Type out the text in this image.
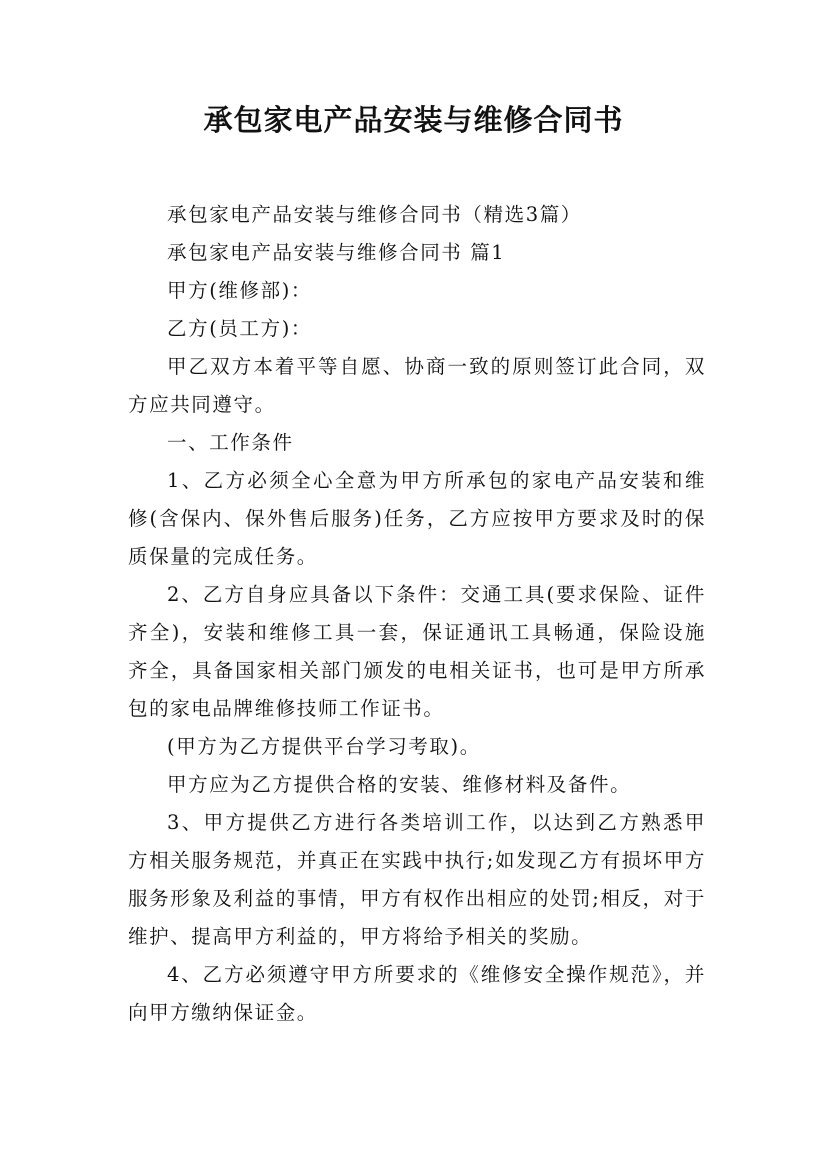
承包家电产品安装与维修合同书

承包家电产品安装与维修合同书（精选3篇）

承包家电产品安装与维修合同书 篇1

甲方(维修部)：

乙方(员工方)：

甲乙双方本着平等自愿、协商一致的原则签订此合同，双方应共同遵守。

一、工作条件

1、乙方必须全心全意为甲方所承包的家电产品安装和维修(含保内、保外售后服务)任务，乙方应按甲方要求及时的保质保量的完成任务。

2、乙方自身应具备以下条件：交通工具(要求保险、证件齐全)，安装和维修工具一套，保证通讯工具畅通，保险设施齐全，具备国家相关部门颁发的电相关证书，也可是甲方所承包的家电品牌维修技师工作证书。

(甲方为乙方提供平台学习考取)。

甲方应为乙方提供合格的安装、维修材料及备件。

3、甲方提供乙方进行各类培训工作，以达到乙方熟悉甲方相关服务规范，并真正在实践中执行;如发现乙方有损坏甲方服务形象及利益的事情，甲方有权作出相应的处罚;相反，对于维护、提高甲方利益的，甲方将给予相关的奖励。

4、乙方必须遵守甲方所要求的《维修安全操作规范》，并向甲方缴纳保证金。
